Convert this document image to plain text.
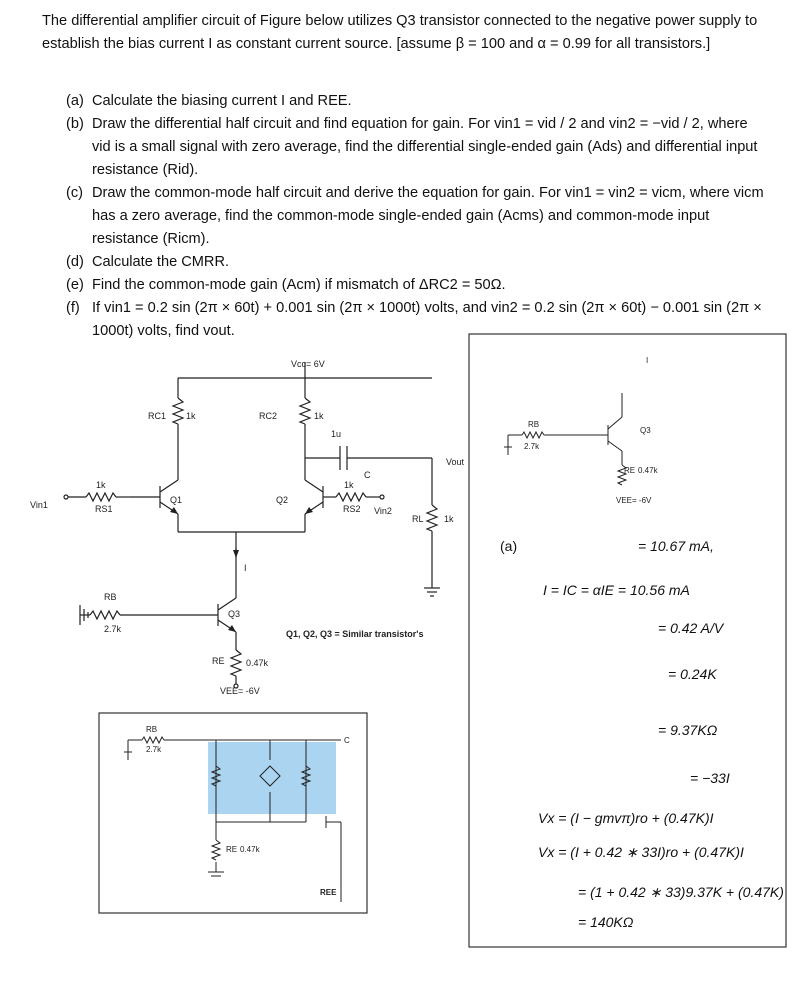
The differential amplifier circuit of Figure below utilizes Q3 transistor connected to the negative power supply to establish the bias current I as constant current source. [assume β = 100 and α = 0.99 for all transistors.]
(a) Calculate the biasing current I and REE.
(b) Draw the differential half circuit and find equation for gain. For vin1 = vid / 2 and vin2 = −vid / 2, where vid is a small signal with zero average, find the differential single-ended gain (Ads) and differential input resistance (Rid).
(c) Draw the common-mode half circuit and derive the equation for gain. For vin1 = vin2 = vicm, where vicm has a zero average, find the common-mode single-ended gain (Acms) and common-mode input resistance (Ricm).
(d) Calculate the CMRR.
(e) Find the common-mode gain (Acm) if mismatch of ΔRC2 = 50Ω.
(f) If vin1 = 0.2 sin (2π × 60t) + 0.001 sin (2π × 1000t) volts, and vin2 = 0.2 sin (2π × 60t) − 0.001 sin (2π × 1000t) volts, find vout.
Vcc= 6V
RC1 1k	RC2	1k
1u
C
Vout
Q1	Q2
Vin1	RS1
1k
RS2
1k
Vin2
RL 1k
I
RB
2.7k
Q3
RE 0.47k
VEE= -6V
Q1, Q2, Q3 = Similar transistor's
RB
2.7k
C
RE 0.47k
REE
I
RB
2.7k
Q3
RE 0.47k
VEE= -6V
(a)	= 10.67 mA,
I = IC = αIE = 10.56 mA
= 0.42 A/V
= 0.24K
= 9.37KΩ
= −33I
Vx = (I − gmvπ)ro + (0.47K)I
Vx = (I + 0.42 ∗ 33I)ro + (0.47K)I
= (1 + 0.42 ∗ 33)9.37K + (0.47K)
= 140KΩ
